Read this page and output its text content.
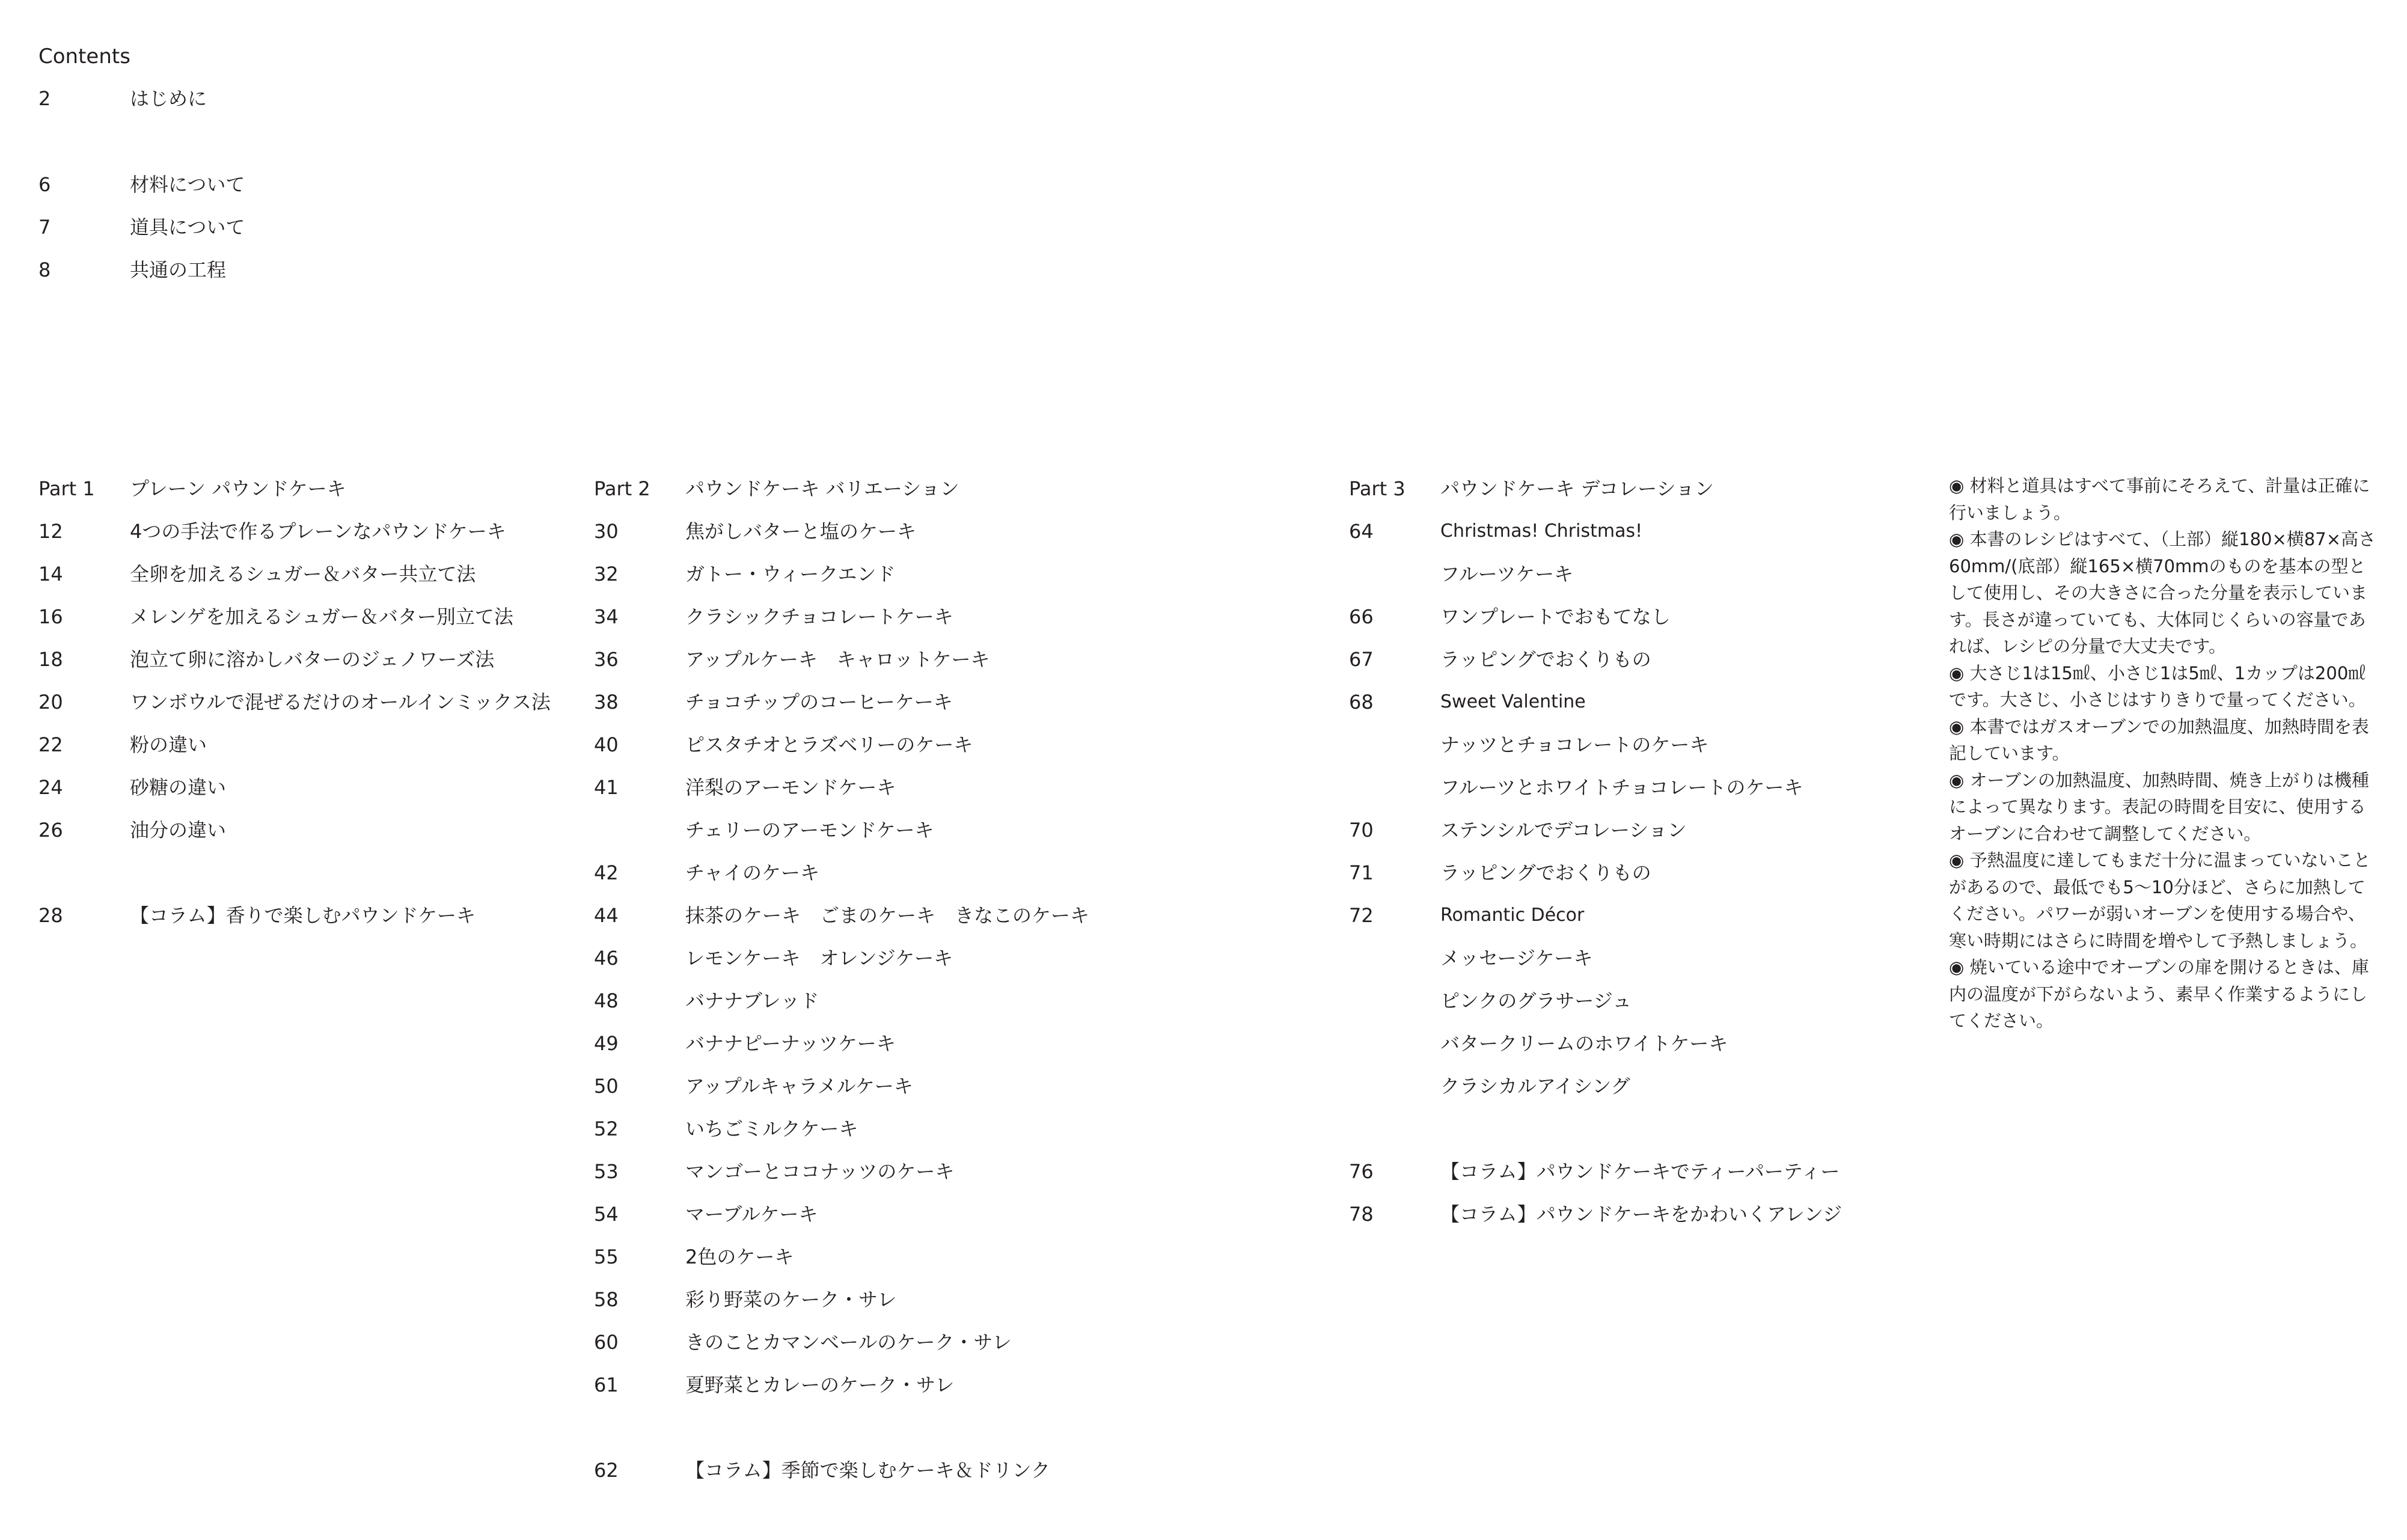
Contents
2	はじめに
6	材料について
7	道具について
8	共通の工程
Part 1 プレーン パウンドケーキ
12	4つの手法で作るプレーンなパウンドケーキ
14	全卵を加えるシュガー＆バター共立て法
16	メレンゲを加えるシュガー＆バター別立て法
18	泡立て卵に溶かしバターのジェノワーズ法
20	ワンボウルで混ぜるだけのオールインミックス法
22	粉の違い
24	砂糖の違い
26	油分の違い
28	【コラム】香りで楽しむパウンドケーキ
Part 2 パウンドケーキ バリエーション
30	焦がしバターと塩のケーキ
32	ガトー・ウィークエンド
34	クラシックチョコレートケーキ
36	アップルケーキ　キャロットケーキ
38	チョコチップのコーヒーケーキ
40	ピスタチオとラズベリーのケーキ
41	洋梨のアーモンドケーキ
チェリーのアーモンドケーキ
42	チャイのケーキ
44	抹茶のケーキ　ごまのケーキ　きなこのケーキ
46	レモンケーキ　オレンジケーキ
48	バナナブレッド
49	バナナピーナッツケーキ
50	アップルキャラメルケーキ
52	いちごミルクケーキ
53	マンゴーとココナッツのケーキ
54	マーブルケーキ
55	2色のケーキ
58	彩り野菜のケーク・サレ
60	きのことカマンベールのケーク・サレ
61	夏野菜とカレーのケーク・サレ
62	【コラム】季節で楽しむケーキ＆ドリンク
Part 3 パウンドケーキ デコレーション
64	Christmas! Christmas!
フルーツケーキ
66	ワンプレートでおもてなし
67	ラッピングでおくりもの
68	Sweet Valentine
ナッツとチョコレートのケーキ
フルーツとホワイトチョコレートのケーキ
70	ステンシルでデコレーション
71	ラッピングでおくりもの
72	Romantic Décor
メッセージケーキ
ピンクのグラサージュ
バタークリームのホワイトケーキ
クラシカルアイシング
76	【コラム】パウンドケーキでティーパーティー
78	【コラム】パウンドケーキをかわいくアレンジ

◉ 材料と道具はすべて事前にそろえて、計量は正確に行いましょう。

◉ 本書のレシピはすべて、（上部）縦180×横87×高さ60mm/(底部）縦165×横70mmのものを基本の型として使用し、その大きさに合った分量を表示しています。長さが違っていても、大体同じくらいの容量であれば、レシピの分量で大丈夫です。

◉ 大さじ1は15㎖、小さじ1は5㎖、1カップは200㎖です。大さじ、小さじはすりきりで量ってください。

◉ 本書ではガスオーブンでの加熱温度、加熱時間を表記しています。

◉ オーブンの加熱温度、加熱時間、焼き上がりは機種によって異なります。表記の時間を目安に、使用するオーブンに合わせて調整してください。

◉ 予熱温度に達してもまだ十分に温まっていないことがあるので、最低でも5〜10分ほど、さらに加熱してください。パワーが弱いオーブンを使用する場合や、寒い時期にはさらに時間を増やして予熱しましょう。

◉ 焼いている途中でオーブンの扉を開けるときは、庫内の温度が下がらないよう、素早く作業するようにしてください。
